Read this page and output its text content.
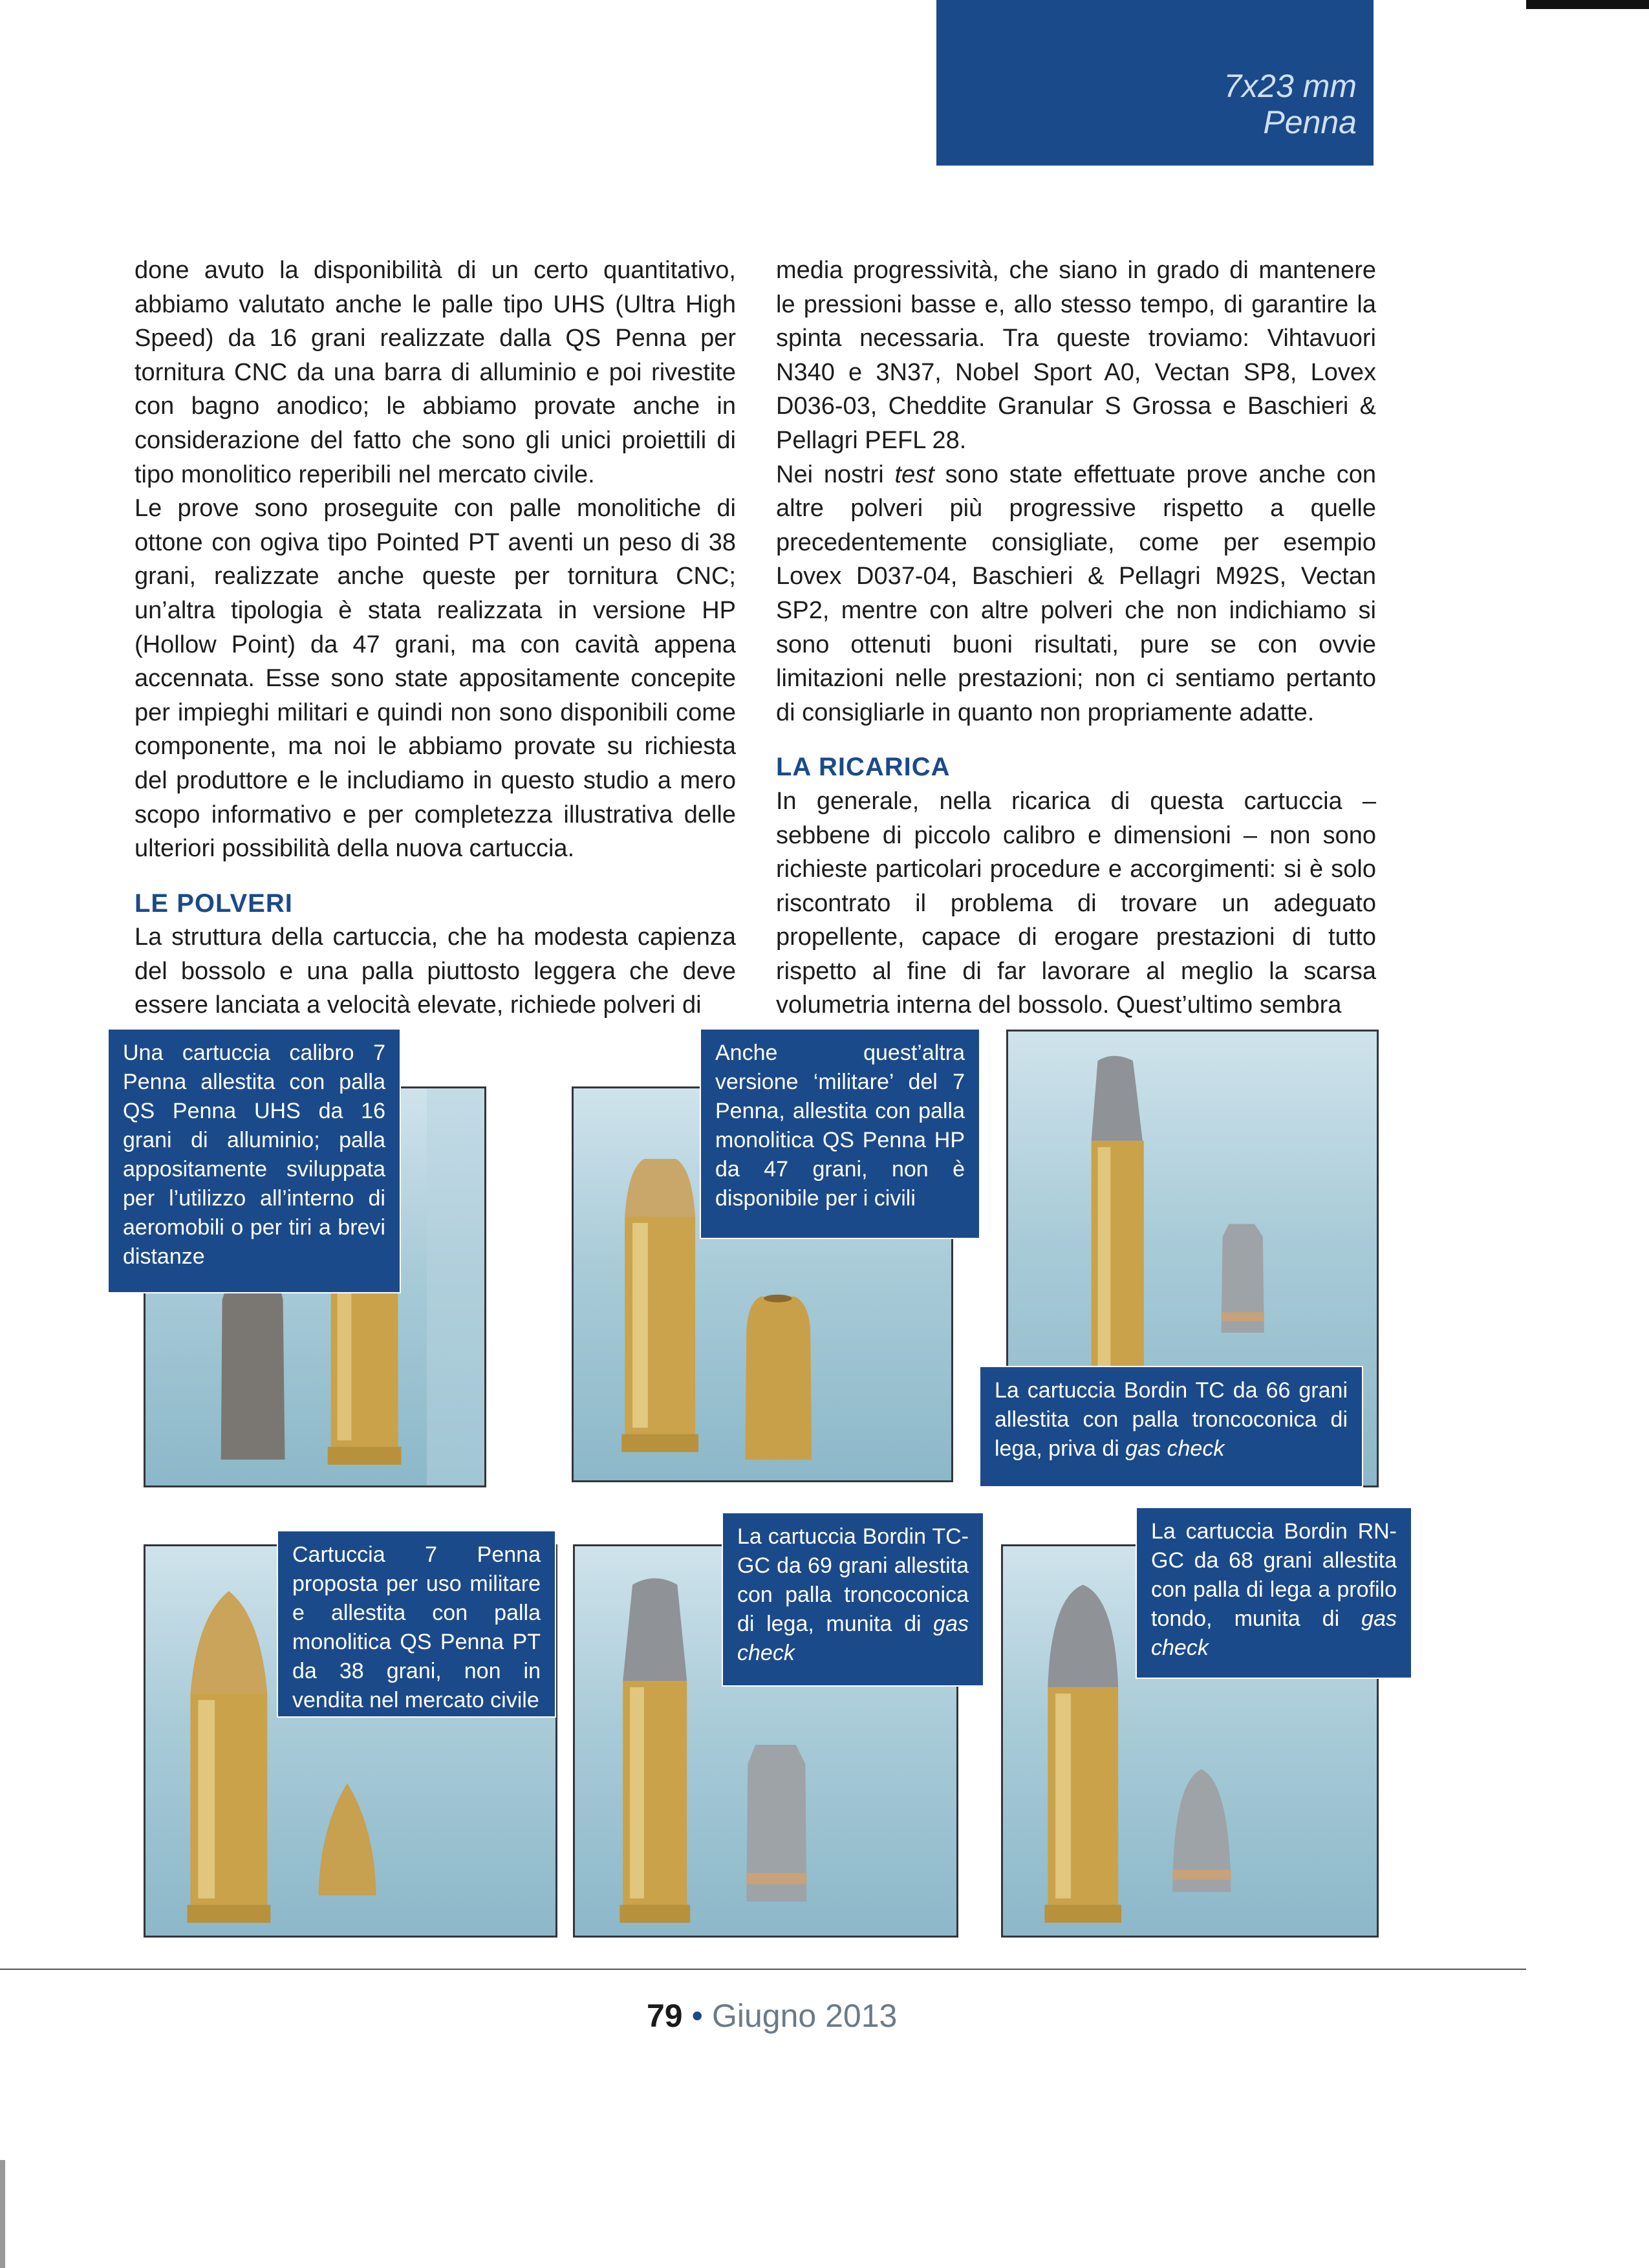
7x23 mm
Penna

done avuto la disponibilità di un certo quantitativo, abbiamo valutato anche le palle tipo UHS (Ultra High Speed) da 16 grani realizzate dalla QS Penna per tornitura CNC da una barra di alluminio e poi rivestite con bagno anodico; le abbiamo provate anche in considerazione del fatto che sono gli unici proiettili di tipo monolitico reperibili nel mercato civile.

Le prove sono proseguite con palle monolitiche di ottone con ogiva tipo Pointed PT aventi un peso di 38 grani, realizzate anche queste per tornitura CNC; un’altra tipologia è stata realizzata in versione HP (Hollow Point) da 47 grani, ma con cavità appena accennata. Esse sono state appositamente concepite per impieghi militari e quindi non sono disponibili come componente, ma noi le abbiamo provate su richiesta del produttore e le includiamo in questo studio a mero scopo informativo e per completezza illustrativa delle ulteriori possibilità della nuova cartuccia.

LE POLVERI

La struttura della cartuccia, che ha modesta capienza del bossolo e una palla piuttosto leggera che deve essere lanciata a velocità elevate, richiede polveri di

media progressività, che siano in grado di mantenere le pressioni basse e, allo stesso tempo, di garantire la spinta necessaria. Tra queste troviamo: Vihtavuori N340 e 3N37, Nobel Sport A0, Vectan SP8, Lovex D036-03, Cheddite Granular S Grossa e Baschieri & Pellagri PEFL 28.

Nei nostri test sono state effettuate prove anche con altre polveri più progressive rispetto a quelle precedentemente consigliate, come per esempio Lovex D037-04, Baschieri & Pellagri M92S, Vectan SP2, mentre con altre polveri che non indichiamo si sono ottenuti buoni risultati, pure se con ovvie limitazioni nelle prestazioni; non ci sentiamo pertanto di consigliarle in quanto non propriamente adatte.

LA RICARICA

In generale, nella ricarica di questa cartuccia – sebbene di piccolo calibro e dimensioni – non sono richieste particolari procedure e accorgimenti: si è solo riscontrato il problema di trovare un adeguato propellente, capace di erogare prestazioni di tutto rispetto al fine di far lavorare al meglio la scarsa volumetria interna del bossolo. Quest’ultimo sembra

Una cartuccia calibro 7 Penna allestita con palla QS Penna UHS da 16 grani di alluminio; palla appositamente sviluppata per l’utilizzo all’interno di aeromobili o per tiri a brevi distanze
Anche quest’altra versione ‘militare’ del 7 Penna, allestita con palla monolitica QS Penna HP da 47 grani, non è disponibile per i civili
La cartuccia Bordin TC da 66 grani allestita con palla troncoconica di lega, priva di gas check
Cartuccia 7 Penna proposta per uso militare e allestita con palla monolitica QS Penna PT da 38 grani, non in vendita nel mercato civile
La cartuccia Bordin TC-GC da 69 grani allestita con palla troncoconica di lega, munita di gas check
La cartuccia Bordin RN-GC da 68 grani allestita con palla di lega a profilo tondo, munita di gas check
79 • Giugno 2013
